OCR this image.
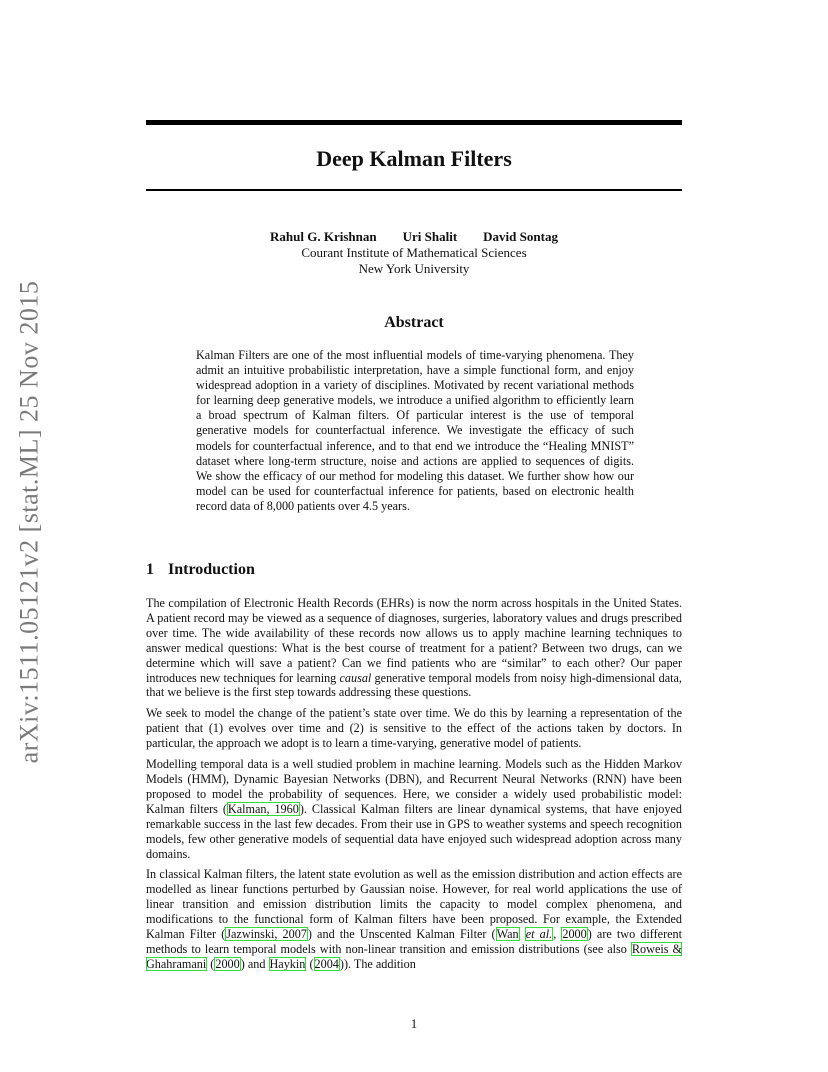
arXiv:1511.05121v2 [stat.ML] 25 Nov 2015
Deep Kalman Filters
Rahul G. Krishnan Uri Shalit David Sontag
Courant Institute of Mathematical Sciences
New York University
Abstract

Kalman Filters are one of the most influential models of time-varying phenomena. They admit an intuitive probabilistic interpretation, have a simple functional form, and enjoy widespread adoption in a variety of disciplines. Motivated by recent variational methods for learning deep generative models, we introduce a unified algorithm to efficiently learn a broad spectrum of Kalman filters. Of particular interest is the use of temporal generative models for counterfactual inference. We investigate the efficacy of such models for counterfactual inference, and to that end we introduce the “Healing MNIST” dataset where long-term structure, noise and actions are applied to sequences of digits. We show the efficacy of our method for modeling this dataset. We further show how our model can be used for counterfactual inference for patients, based on electronic health record data of 8,000 patients over 4.5 years.

1 Introduction

The compilation of Electronic Health Records (EHRs) is now the norm across hospitals in the United States. A patient record may be viewed as a sequence of diagnoses, surgeries, laboratory values and drugs prescribed over time. The wide availability of these records now allows us to apply machine learning techniques to answer medical questions: What is the best course of treatment for a patient? Between two drugs, can we determine which will save a patient? Can we find patients who are “similar” to each other? Our paper introduces new techniques for learning causal generative temporal models from noisy high-dimensional data, that we believe is the first step towards addressing these questions.

We seek to model the change of the patient’s state over time. We do this by learning a representation of the patient that (1) evolves over time and (2) is sensitive to the effect of the actions taken by doctors. In particular, the approach we adopt is to learn a time-varying, generative model of patients.

Modelling temporal data is a well studied problem in machine learning. Models such as the Hidden Markov Models (HMM), Dynamic Bayesian Networks (DBN), and Recurrent Neural Networks (RNN) have been proposed to model the probability of sequences. Here, we consider a widely used probabilistic model: Kalman filters (Kalman, 1960). Classical Kalman filters are linear dynamical systems, that have enjoyed remarkable success in the last few decades. From their use in GPS to weather systems and speech recognition models, few other generative models of sequential data have enjoyed such widespread adoption across many domains.

In classical Kalman filters, the latent state evolution as well as the emission distribution and action effects are modelled as linear functions perturbed by Gaussian noise. However, for real world applications the use of linear transition and emission distribution limits the capacity to model complex phenomena, and modifications to the functional form of Kalman filters have been proposed. For example, the Extended Kalman Filter (Jazwinski, 2007) and the Unscented Kalman Filter (Wan et al., 2000) are two different methods to learn temporal models with non-linear transition and emission distributions (see also Roweis & Ghahramani (2000) and Haykin (2004)). The addition

1
